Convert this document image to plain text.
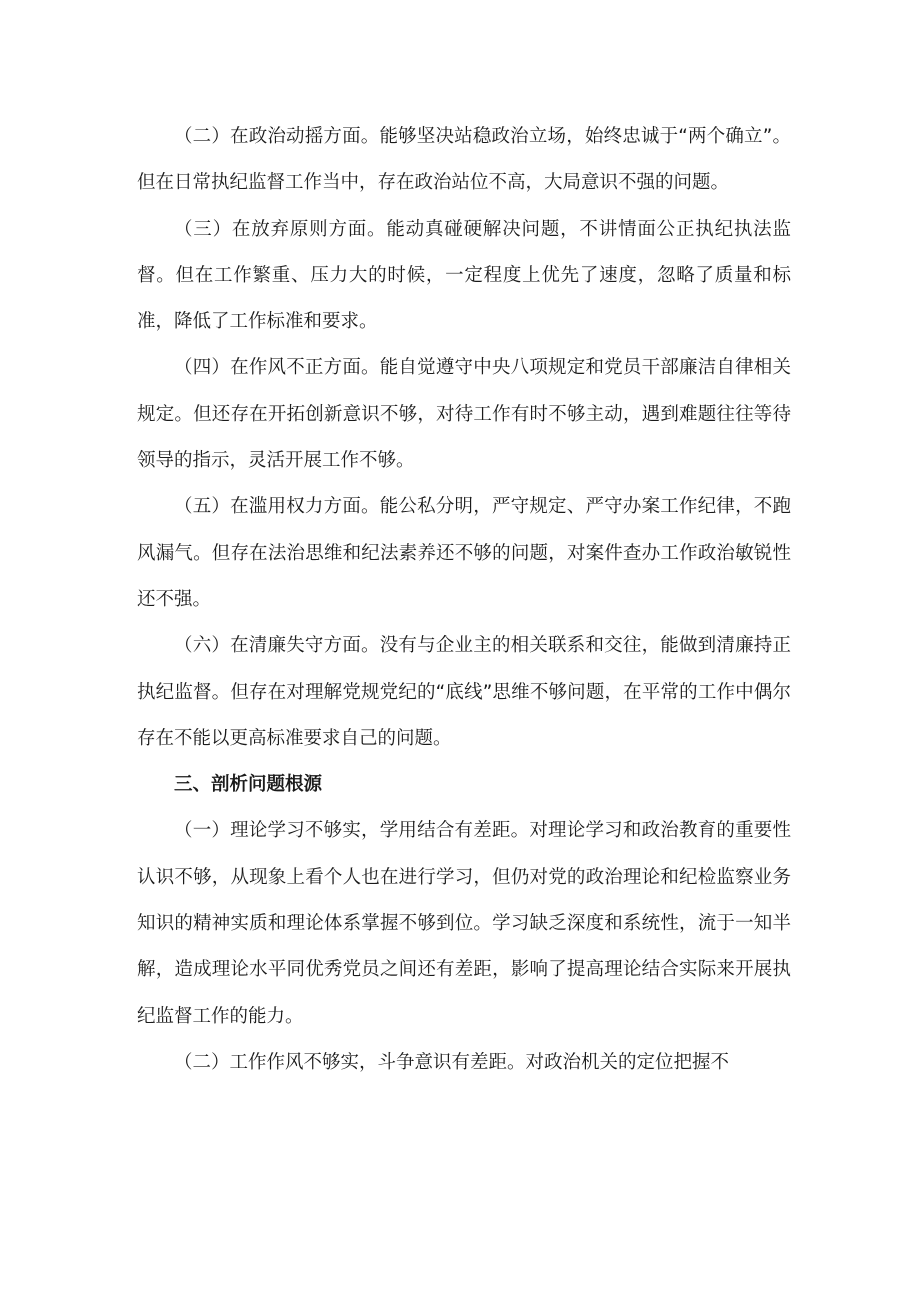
（二）在政治动摇方面。能够坚决站稳政治立场，始终忠诚于“两个确立”。但在日常执纪监督工作当中，存在政治站位不高，大局意识不强的问题。

（三）在放弃原则方面。能动真碰硬解决问题，不讲情面公正执纪执法监督。但在工作繁重、压力大的时候，一定程度上优先了速度，忽略了质量和标准，降低了工作标准和要求。

（四）在作风不正方面。能自觉遵守中央八项规定和党员干部廉洁自律相关规定。但还存在开拓创新意识不够，对待工作有时不够主动，遇到难题往往等待领导的指示，灵活开展工作不够。

（五）在滥用权力方面。能公私分明，严守规定、严守办案工作纪律，不跑风漏气。但存在法治思维和纪法素养还不够的问题，对案件查办工作政治敏锐性还不强。

（六）在清廉失守方面。没有与企业主的相关联系和交往，能做到清廉持正执纪监督。但存在对理解党规党纪的“底线”思维不够问题，在平常的工作中偶尔存在不能以更高标准要求自己的问题。

三、剖析问题根源

（一）理论学习不够实，学用结合有差距。对理论学习和政治教育的重要性认识不够，从现象上看个人也在进行学习，但仍对党的政治理论和纪检监察业务知识的精神实质和理论体系掌握不够到位。学习缺乏深度和系统性，流于一知半解，造成理论水平同优秀党员之间还有差距，影响了提高理论结合实际来开展执纪监督工作的能力。

（二）工作作风不够实，斗争意识有差距。对政治机关的定位把握不
